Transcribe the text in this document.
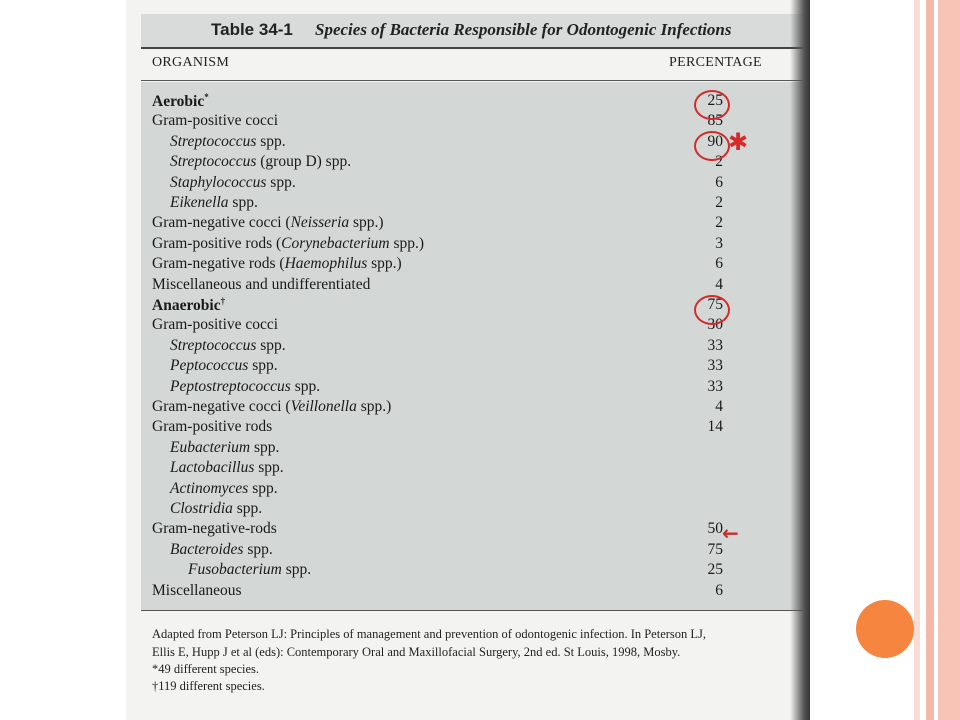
Table 34-1 Species of Bacteria Responsible for Odontogenic Infections
ORGANISM	PERCENTAGE
Aerobic*	25
Gram-positive cocci	85
Streptococcus spp.	90
Streptococcus (group D) spp.	2
Staphylococcus spp.	6
Eikenella spp.	2
Gram-negative cocci (Neisseria spp.)	2
Gram-positive rods (Corynebacterium spp.)	3
Gram-negative rods (Haemophilus spp.)	6
Miscellaneous and undifferentiated	4
Anaerobic†	75
Gram-positive cocci	30
Streptococcus spp.	33
Peptococcus spp.	33
Peptostreptococcus spp.	33
Gram-negative cocci (Veillonella spp.)	4
Gram-positive rods	14
Eubacterium spp.
Lactobacillus spp.
Actinomyces spp.
Clostridia spp.
Gram-negative-rods	50
Bacteroides spp.	75
Fusobacterium spp.	25
Miscellaneous	6
✱
←
Adapted from Peterson LJ: Principles of management and prevention of odontogenic infection. In Peterson LJ,
Ellis E, Hupp J et al (eds): Contemporary Oral and Maxillofacial Surgery, 2nd ed. St Louis, 1998, Mosby.
*49 different species.
†119 different species.
